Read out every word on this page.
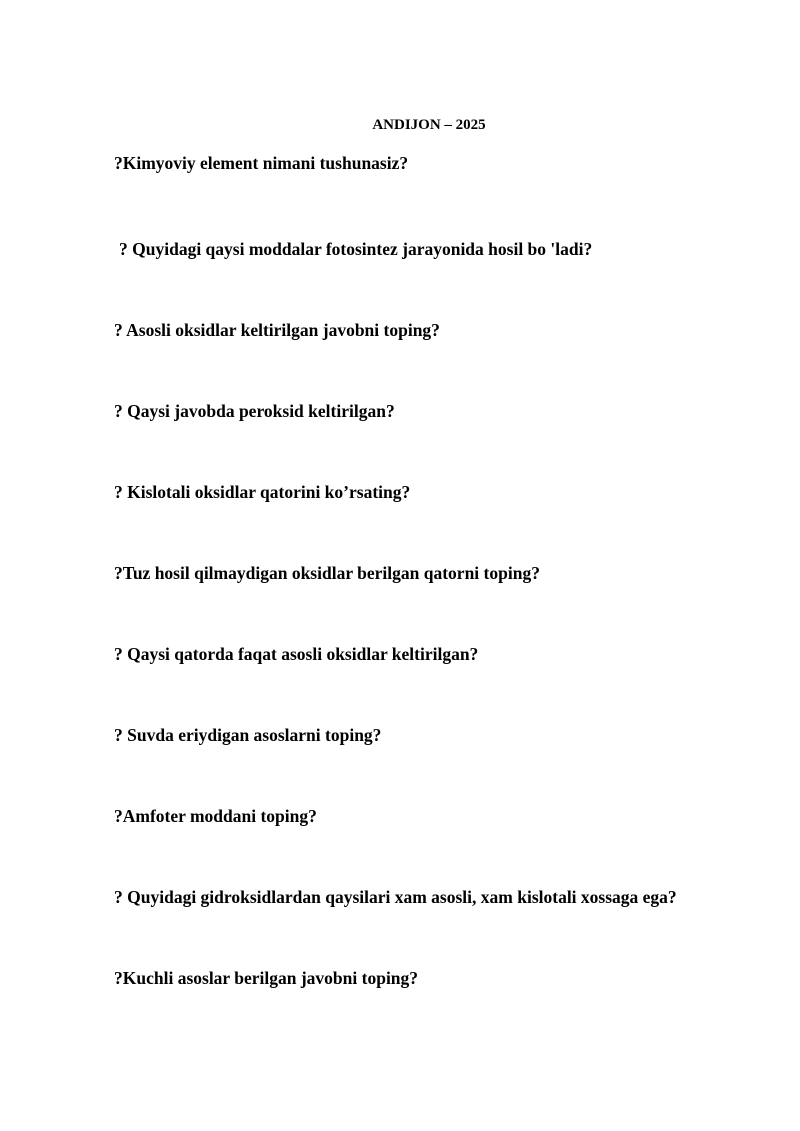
ANDIJON – 2025
?Kimyoviy element nimani tushunasiz?
? Quyidagi qaysi moddalar fotosintez jarayonida hosil bo 'ladi?
? Asosli oksidlar keltirilgan javobni toping?
? Qaysi javobda peroksid keltirilgan?
? Kislotali oksidlar qatorini ko’rsating?
?Tuz hosil qilmaydigan oksidlar berilgan qatorni toping?
? Qaysi qatorda faqat asosli oksidlar keltirilgan?
? Suvda eriydigan asoslarni toping?
?Amfoter moddani toping?
? Quyidagi gidroksidlardan qaysilari xam asosli, xam kislotali xossaga ega?
?Kuchli asoslar berilgan javobni toping?
